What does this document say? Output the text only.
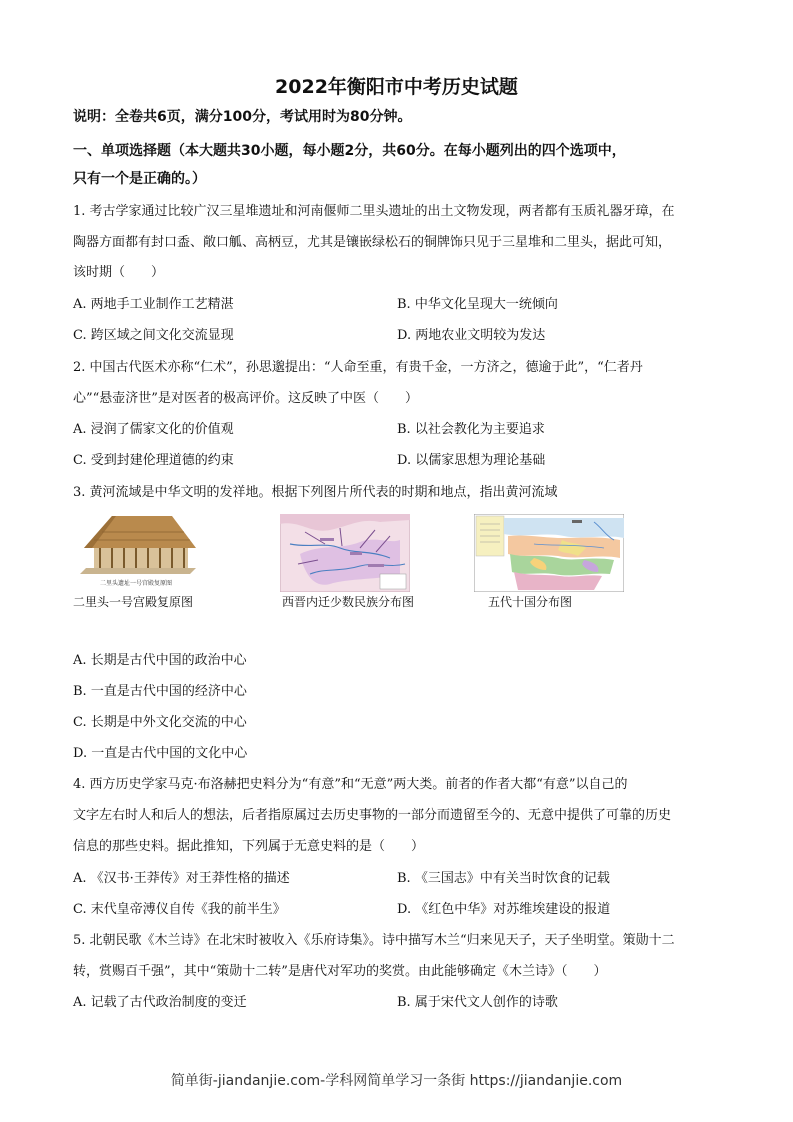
2022年衡阳市中考历史试题
说明：全卷共6页，满分100分，考试用时为80分钟。
一、单项选择题（本大题共30小题，每小题2分，共60分。在每小题列出的四个选项中，
只有一个是正确的。）
1. 考古学家通过比较广汉三星堆遗址和河南偃师二里头遗址的出土文物发现，两者都有玉质礼器牙璋，在
陶器方面都有封口盉、敞口觚、高柄豆，尤其是镶嵌绿松石的铜牌饰只见于三星堆和二里头，据此可知，
该时期（　　）
A. 两地手工业制作工艺精湛	B. 中华文化呈现大一统倾向
C. 跨区域之间文化交流显现	D. 两地农业文明较为发达
2. 中国古代医术亦称“仁术”，孙思邈提出：“人命至重，有贵千金，一方济之，德逾于此”，“仁者丹
心”“悬壶济世”是对医者的极高评价。这反映了中医（　　）
A. 浸润了儒家文化的价值观	B. 以社会教化为主要追求
C. 受到封建伦理道德的约束	D. 以儒家思想为理论基础
3. 黄河流域是中华文明的发祥地。根据下列图片所代表的时期和地点，指出黄河流域
二里头遗址一号宫殿复原图
二里头一号宫殿复原图	西晋内迁少数民族分布图	五代十国分布图
A. 长期是古代中国的政治中心
B. 一直是古代中国的经济中心
C. 长期是中外文化交流的中心
D. 一直是古代中国的文化中心
4. 西方历史学家马克·布洛赫把史料分为“有意”和“无意”两大类。前者的作者大都“有意”以自己的
文字左右时人和后人的想法，后者指原属过去历史事物的一部分而遗留至今的、无意中提供了可靠的历史
信息的那些史料。据此推知，下列属于无意史料的是（　　）
A. 《汉书·王莽传》对王莽性格的描述	B. 《三国志》中有关当时饮食的记载
C. 末代皇帝溥仪自传《我的前半生》	D. 《红色中华》对苏维埃建设的报道
5. 北朝民歌《木兰诗》在北宋时被收入《乐府诗集》。诗中描写木兰“归来见天子，天子坐明堂。策勋十二
转，赏赐百千强”，其中“策勋十二转”是唐代对军功的奖赏。由此能够确定《木兰诗》（　　）
A. 记载了古代政治制度的变迁	B. 属于宋代文人创作的诗歌
简单街-jiandanjie.com-学科网简单学习一条街 https://jiandanjie.com
